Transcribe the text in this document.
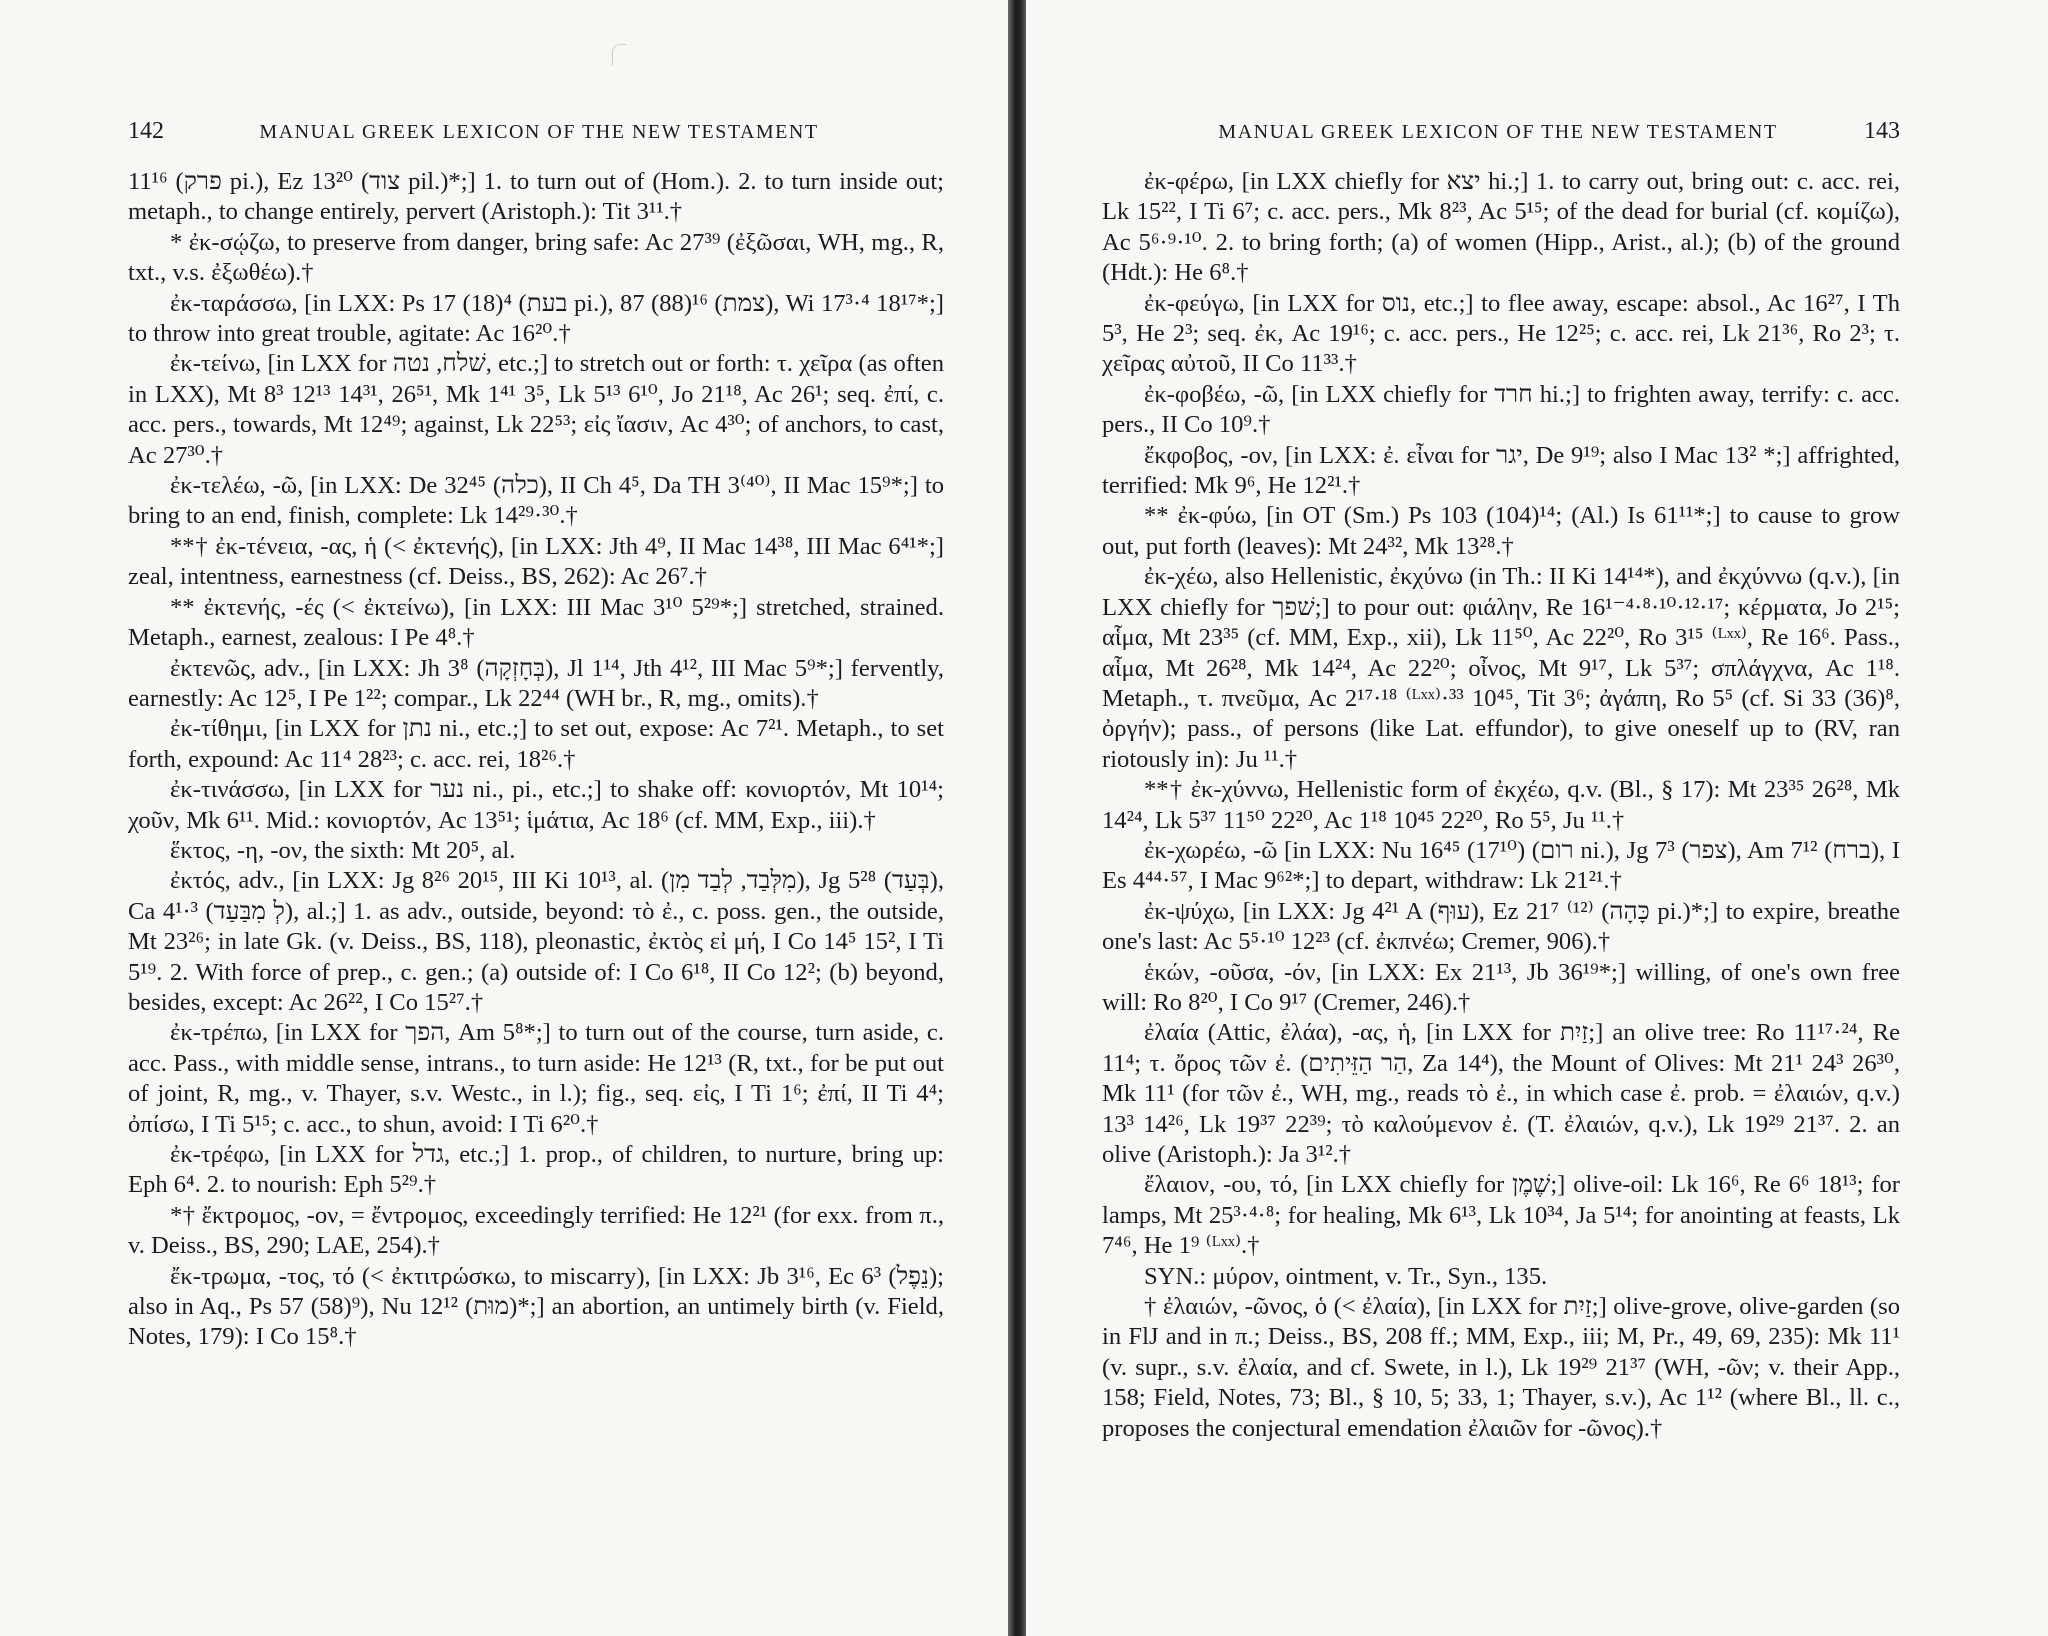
142	MANUAL GREEK LEXICON OF THE NEW TESTAMENT

11¹⁶ (פרק pi.), Ez 13²⁰ (צוד pil.)*;] 1. to turn out of (Hom.). 2. to turn inside out; metaph., to change entirely, pervert (Aristoph.): Tit 3¹¹.†

* ἐκ-σῴζω, to preserve from danger, bring safe: Ac 27³⁹ (ἐξῶσαι, WH, mg., R, txt., v.s. ἐξωθέω).†

ἐκ-ταράσσω, [in LXX: Ps 17 (18)⁴ (בעת pi.), 87 (88)¹⁶ (צמת), Wi 17³·⁴ 18¹⁷*;] to throw into great trouble, agitate: Ac 16²⁰.†

ἐκ-τείνω, [in LXX for שׁלח, נטה, etc.;] to stretch out or forth: τ. χεῖρα (as often in LXX), Mt 8³ 12¹³ 14³¹, 26⁵¹, Mk 1⁴¹ 3⁵, Lk 5¹³ 6¹⁰, Jo 21¹⁸, Ac 26¹; seq. ἐπί, c. acc. pers., towards, Mt 12⁴⁹; against, Lk 22⁵³; εἰς ἴασιν, Ac 4³⁰; of anchors, to cast, Ac 27³⁰.†

ἐκ-τελέω, -ῶ, [in LXX: De 32⁴⁵ (כלה), II Ch 4⁵, Da TH 3⁽⁴⁰⁾, II Mac 15⁹*;] to bring to an end, finish, complete: Lk 14²⁹·³⁰.†

**† ἐκ-τένεια, -ας, ἡ (< ἐκτενής), [in LXX: Jth 4⁹, II Mac 14³⁸, III Mac 6⁴¹*;] zeal, intentness, earnestness (cf. Deiss., BS, 262): Ac 26⁷.†

** ἐκτενής, -ές (< ἐκτείνω), [in LXX: III Mac 3¹⁰ 5²⁹*;] stretched, strained. Metaph., earnest, zealous: I Pe 4⁸.†

ἐκτενῶς, adv., [in LXX: Jh 3⁸ (בְּחָזְקָה), Jl 1¹⁴, Jth 4¹², III Mac 5⁹*;] fervently, earnestly: Ac 12⁵, I Pe 1²²; compar., Lk 22⁴⁴ (WH br., R, mg., omits).†

ἐκ-τίθημι, [in LXX for נתן ni., etc.;] to set out, expose: Ac 7²¹. Metaph., to set forth, expound: Ac 11⁴ 28²³; c. acc. rei, 18²⁶.†

ἐκ-τινάσσω, [in LXX for נער ni., pi., etc.;] to shake off: κονιορτόν, Mt 10¹⁴; χοῦν, Mk 6¹¹. Mid.: κονιορτόν, Ac 13⁵¹; ἱμάτια, Ac 18⁶ (cf. MM, Exp., iii).†

ἕκτος, -η, -ον, the sixth: Mt 20⁵, al.

ἐκτός, adv., [in LXX: Jg 8²⁶ 20¹⁵, III Ki 10¹³, al. (מִלְּבַד, לְבַד מִן), Jg 5²⁸ (בְּעַד), Ca 4¹·³ (לְ מִבַּעַד), al.;] 1. as adv., outside, beyond: τὸ ἐ., c. poss. gen., the outside, Mt 23²⁶; in late Gk. (v. Deiss., BS, 118), pleonastic, ἐκτὸς εἰ μή, I Co 14⁵ 15², I Ti 5¹⁹. 2. With force of prep., c. gen.; (a) outside of: I Co 6¹⁸, II Co 12²; (b) beyond, besides, except: Ac 26²², I Co 15²⁷.†

ἐκ-τρέπω, [in LXX for הפך, Am 5⁸*;] to turn out of the course, turn aside, c. acc. Pass., with middle sense, intrans., to turn aside: He 12¹³ (R, txt., for be put out of joint, R, mg., v. Thayer, s.v. Westc., in l.); fig., seq. εἰς, I Ti 1⁶; ἐπί, II Ti 4⁴; ὀπίσω, I Ti 5¹⁵; c. acc., to shun, avoid: I Ti 6²⁰.†

ἐκ-τρέφω, [in LXX for גדל, etc.;] 1. prop., of children, to nurture, bring up: Eph 6⁴. 2. to nourish: Eph 5²⁹.†

*† ἔκτρομος, -ον, = ἔντρομος, exceedingly terrified: He 12²¹ (for exx. from π., v. Deiss., BS, 290; LAE, 254).†

ἔκ-τρωμα, -τος, τό (< ἐκτιτρώσκω, to miscarry), [in LXX: Jb 3¹⁶, Ec 6³ (נֵפֶל); also in Aq., Ps 57 (58)⁹), Nu 12¹² (מוּת)*;] an abortion, an untimely birth (v. Field, Notes, 179): I Co 15⁸.†

MANUAL GREEK LEXICON OF THE NEW TESTAMENT	143

ἐκ-φέρω, [in LXX chiefly for יצא hi.;] 1. to carry out, bring out: c. acc. rei, Lk 15²², I Ti 6⁷; c. acc. pers., Mk 8²³, Ac 5¹⁵; of the dead for burial (cf. κομίζω), Ac 5⁶·⁹·¹⁰. 2. to bring forth; (a) of women (Hipp., Arist., al.); (b) of the ground (Hdt.): He 6⁸.†

ἐκ-φεύγω, [in LXX for נוס, etc.;] to flee away, escape: absol., Ac 16²⁷, I Th 5³, He 2³; seq. ἐκ, Ac 19¹⁶; c. acc. pers., He 12²⁵; c. acc. rei, Lk 21³⁶, Ro 2³; τ. χεῖρας αὐτοῦ, II Co 11³³.†

ἐκ-φοβέω, -ῶ, [in LXX chiefly for חרד hi.;] to frighten away, terrify: c. acc. pers., II Co 10⁹.†

ἔκφοβος, -ον, [in LXX: ἐ. εἶναι for יגר, De 9¹⁹; also I Mac 13² *;] affrighted, terrified: Mk 9⁶, He 12²¹.†

** ἐκ-φύω, [in OT (Sm.) Ps 103 (104)¹⁴; (Al.) Is 61¹¹*;] to cause to grow out, put forth (leaves): Mt 24³², Mk 13²⁸.†

ἐκ-χέω, also Hellenistic, ἐκχύνω (in Th.: II Ki 14¹⁴*), and ἐκχύννω (q.v.), [in LXX chiefly for שׁפך;] to pour out: φιάλην, Re 16¹⁻⁴·⁸·¹⁰·¹²·¹⁷; κέρματα, Jo 2¹⁵; αἷμα, Mt 23³⁵ (cf. MM, Exp., xii), Lk 11⁵⁰, Ac 22²⁰, Ro 3¹⁵ ⁽ᴸˣˣ⁾, Re 16⁶. Pass., αἷμα, Mt 26²⁸, Mk 14²⁴, Ac 22²⁰; οἶνος, Mt 9¹⁷, Lk 5³⁷; σπλάγχνα, Ac 1¹⁸. Metaph., τ. πνεῦμα, Ac 2¹⁷·¹⁸ ⁽ᴸˣˣ⁾·³³ 10⁴⁵, Tit 3⁶; ἀγάπη, Ro 5⁵ (cf. Si 33 (36)⁸, ὀργήν); pass., of persons (like Lat. effundor), to give oneself up to (RV, ran riotously in): Ju ¹¹.†

**† ἐκ-χύννω, Hellenistic form of ἐκχέω, q.v. (Bl., § 17): Mt 23³⁵ 26²⁸, Mk 14²⁴, Lk 5³⁷ 11⁵⁰ 22²⁰, Ac 1¹⁸ 10⁴⁵ 22²⁰, Ro 5⁵, Ju ¹¹.†

ἐκ-χωρέω, -ῶ [in LXX: Nu 16⁴⁵ (17¹⁰) (רום ni.), Jg 7³ (צפר), Am 7¹² (ברח), I Es 4⁴⁴·⁵⁷, I Mac 9⁶²*;] to depart, withdraw: Lk 21²¹.†

ἐκ-ψύχω, [in LXX: Jg 4²¹ A (עוּף), Ez 21⁷ ⁽¹²⁾ (כָּהָה pi.)*;] to expire, breathe one's last: Ac 5⁵·¹⁰ 12²³ (cf. ἐκπνέω; Cremer, 906).†

ἑκών, -οῦσα, -όν, [in LXX: Ex 21¹³, Jb 36¹⁹*;] willing, of one's own free will: Ro 8²⁰, I Co 9¹⁷ (Cremer, 246).†

ἐλαία (Attic, ἐλάα), -ας, ἡ, [in LXX for זַיִת;] an olive tree: Ro 11¹⁷·²⁴, Re 11⁴; τ. ὄρος τῶν ἐ. (הַר הַזֵּיתִים, Za 14⁴), the Mount of Olives: Mt 21¹ 24³ 26³⁰, Mk 11¹ (for τῶν ἐ., WH, mg., reads τὸ ἐ., in which case ἐ. prob. = ἐλαιών, q.v.) 13³ 14²⁶, Lk 19³⁷ 22³⁹; τὸ καλούμενον ἐ. (T. ἐλαιών, q.v.), Lk 19²⁹ 21³⁷. 2. an olive (Aristoph.): Ja 3¹².†

ἔλαιον, -ου, τό, [in LXX chiefly for שֶׁמֶן;] olive-oil: Lk 16⁶, Re 6⁶ 18¹³; for lamps, Mt 25³·⁴·⁸; for healing, Mk 6¹³, Lk 10³⁴, Ja 5¹⁴; for anointing at feasts, Lk 7⁴⁶, He 1⁹ ⁽ᴸˣˣ⁾.†

SYN.: μύρον, ointment, v. Tr., Syn., 135.

† ἐλαιών, -ῶνος, ὁ (< ἐλαία), [in LXX for זַיִת;] olive-grove, olive-garden (so in FlJ and in π.; Deiss., BS, 208 ff.; MM, Exp., iii; M, Pr., 49, 69, 235): Mk 11¹ (v. supr., s.v. ἐλαία, and cf. Swete, in l.), Lk 19²⁹ 21³⁷ (WH, -ῶν; v. their App., 158; Field, Notes, 73; Bl., § 10, 5; 33, 1; Thayer, s.v.), Ac 1¹² (where Bl., ll. c., proposes the conjectural emendation ἐλαιῶν for -ῶνος).†
